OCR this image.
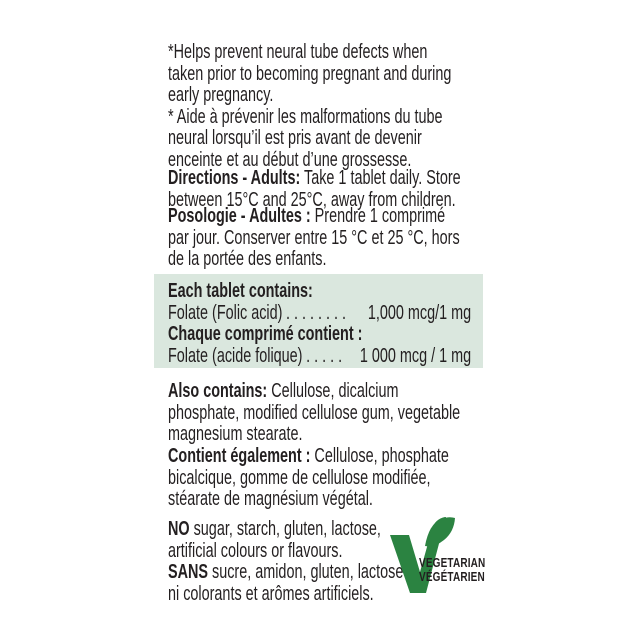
*Helps prevent neural tube defects when
taken prior to becoming pregnant and during
early pregnancy.
* Aide à prévenir les malformations du tube
neural lorsqu’il est pris avant de devenir
enceinte et au début d’une grossesse.
Directions - Adults: Take 1 tablet daily. Store
between 15°C and 25°C, away from children.
Posologie - Adultes : Prendre 1 comprimé
par jour. Conserver entre 15 °C et 25 °C, hors
de la portée des enfants.
Each tablet contains:
Folate (Folic acid) . . . . . . . .	1,000 mcg/1 mg
Chaque comprimé contient :
Folate (acide folique) . . . . . 1 000 mcg / 1 mg
Also contains: Cellulose, dicalcium
phosphate, modified cellulose gum, vegetable
magnesium stearate.
Contient également : Cellulose, phosphate
bicalcique, gomme de cellulose modifiée,
stéarate de magnésium végétal.
NO sugar, starch, gluten, lactose,
artificial colours or flavours.
SANS sucre, amidon, gluten, lactose
ni colorants et arômes artificiels.
VEGETARIAN
VÉGÉTARIEN
